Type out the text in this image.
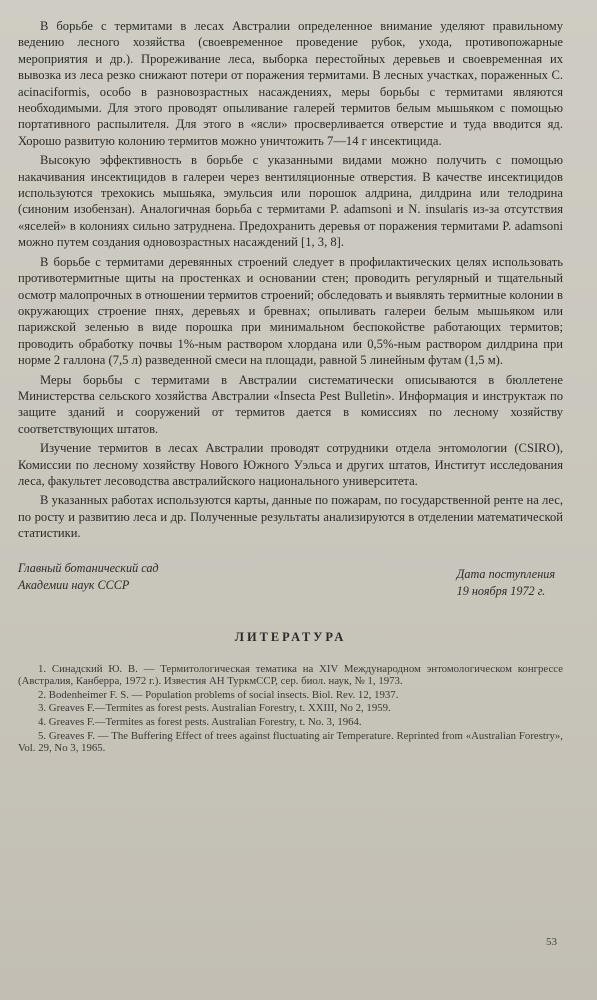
В борьбе с термитами в лесах Австралии определенное внимание уделяют правильному ведению лесного хозяйства (своевременное проведение рубок, ухода, противопожарные мероприятия и др.). Прореживание леса, выборка перестойных деревьев и своевременная их вывозка из леса резко снижают потери от поражения термитами. В лесных участках, пораженных C. acinaciformis, особо в разновозрастных насаждениях, меры борьбы с термитами являются необходимыми. Для этого проводят опыливание галерей термитов белым мышьяком с помощью портативного распылителя. Для этого в «ясли» просверливается отверстие и туда вводится яд. Хорошо развитую колонию термитов можно уничтожить 7—14 г инсектицида.

Высокую эффективность в борьбе с указанными видами можно получить с помощью накачивания инсектицидов в галереи через вентиляционные отверстия. В качестве инсектицидов используются трехокись мышьяка, эмульсия или порошок алдрина, дилдрина или телодрина (синоним изобензан). Аналогичная борьба с термитами P. adamsoni и N. insularis из-за отсутствия «яселей» в колониях сильно затруднена. Предохранить деревья от поражения термитами P. adamsoni можно путем создания одновозрастных насаждений [1, 3, 8].

В борьбе с термитами деревянных строений следует в профилактических целях использовать противотермитные щиты на простенках и основании стен; проводить регулярный и тщательный осмотр малопрочных в отношении термитов строений; обследовать и выявлять термитные колонии в окружающих строение пнях, деревьях и бревнах; опыливать галереи белым мышьяком или парижской зеленью в виде порошка при минимальном беспокойстве работающих термитов; проводить обработку почвы 1%-ным раствором хлордана или 0,5%-ным раствором дилдрина при норме 2 галлона (7,5 л) разведенной смеси на площади, равной 5 линейным футам (1,5 м).

Меры борьбы с термитами в Австралии систематически описываются в бюллетене Министерства сельского хозяйства Австралии «Insecta Pest Bulletin». Информация и инструктаж по защите зданий и сооружений от термитов дается в комиссиях по лесному хозяйству соответствующих штатов.

Изучение термитов в лесах Австралии проводят сотрудники отдела энтомологии (CSIRO), Комиссии по лесному хозяйству Нового Южного Уэльса и других штатов, Институт исследования леса, факультет лесоводства австралийского национального университета.

В указанных работах используются карты, данные по пожарам, по государственной ренте на лес, по росту и развитию леса и др. Полученные результаты анализируются в отделении математической статистики.

Главный ботанический сад
Академии наук СССР
Дата поступления
19 ноября 1972 г.
ЛИТЕРАТУРА

1. Синадский Ю. В. — Термитологическая тематика на XIV Международном энтомологическом конгрессе (Австралия, Канберра, 1972 г.). Известия АН ТуркмССР, сер. биол. наук, № 1, 1973.

2. Bodenheimer F. S. — Population problems of social insects. Biol. Rev. 12, 1937.

3. Greaves F.—Termites as forest pests. Australian Forestry, t. XXIII, No 2, 1959.

4. Greaves F.—Termites as forest pests. Australian Forestry, t. No. 3, 1964.

5. Greaves F. — The Buffering Effect of trees against fluctuating air Temperature. Reprinted from «Australian Forestry», Vol. 29, No 3, 1965.

53
